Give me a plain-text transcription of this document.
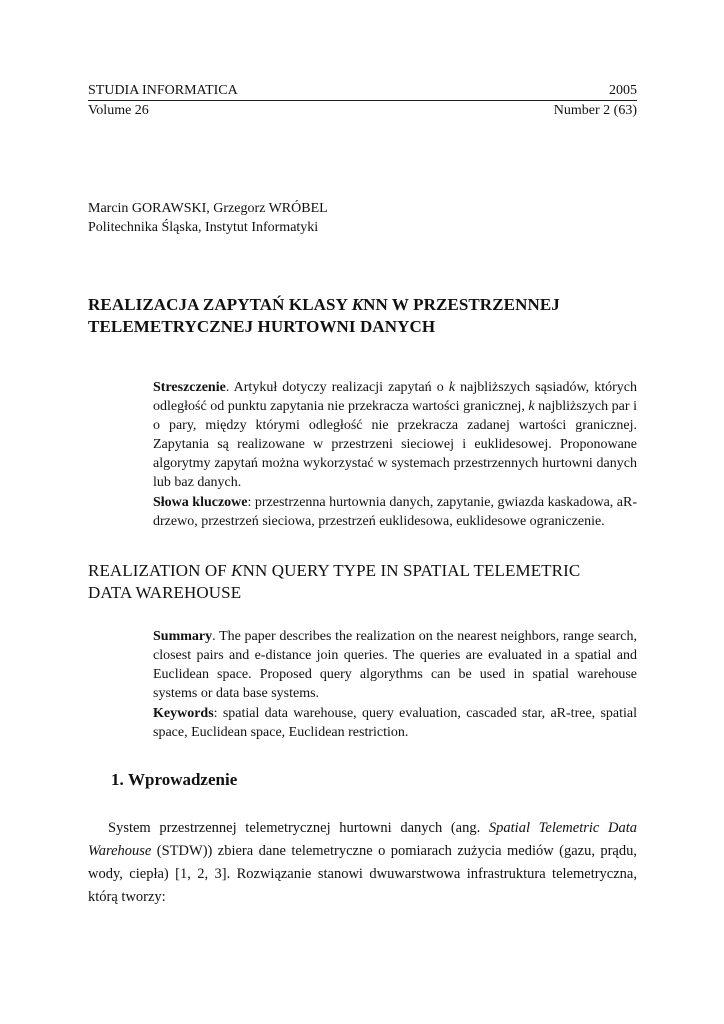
STUDIA INFORMATICA	2005
Volume 26	Number 2 (63)
Marcin GORAWSKI, Grzegorz WRÓBEL
Politechnika Śląska, Instytut Informatyki
REALIZACJA ZAPYTAŃ KLASY KNN W PRZESTRZENNEJ
TELEMETRYCZNEJ HURTOWNI DANYCH

Streszczenie. Artykuł dotyczy realizacji zapytań o k najbliższych sąsiadów, których odległość od punktu zapytania nie przekracza wartości granicznej, k najbliższych par i o pary, między którymi odległość nie przekracza zadanej wartości granicznej. Zapytania są realizowane w przestrzeni sieciowej i euklidesowej. Proponowane algorytmy zapytań można wykorzystać w systemach przestrzennych hurtowni danych lub baz danych.

Słowa kluczowe: przestrzenna hurtownia danych, zapytanie, gwiazda kaskadowa, aR-drzewo, przestrzeń sieciowa, przestrzeń euklidesowa, euklidesowe ograniczenie.

REALIZATION OF KNN QUERY TYPE IN SPATIAL TELEMETRIC
DATA WAREHOUSE

Summary. The paper describes the realization on the nearest neighbors, range search, closest pairs and e-distance join queries. The queries are evaluated in a spatial and Euclidean space. Proposed query algorythms can be used in spatial warehouse systems or data base systems.

Keywords: spatial data warehouse, query evaluation, cascaded star, aR-tree, spatial space, Euclidean space, Euclidean restriction.

1. Wprowadzenie

System przestrzennej telemetrycznej hurtowni danych (ang. Spatial Telemetric Data Warehouse (STDW)) zbiera dane telemetryczne o pomiarach zużycia mediów (gazu, prądu, wody, ciepła) [1, 2, 3]. Rozwiązanie stanowi dwuwarstwowa infrastruktura telemetryczna, którą tworzy:
